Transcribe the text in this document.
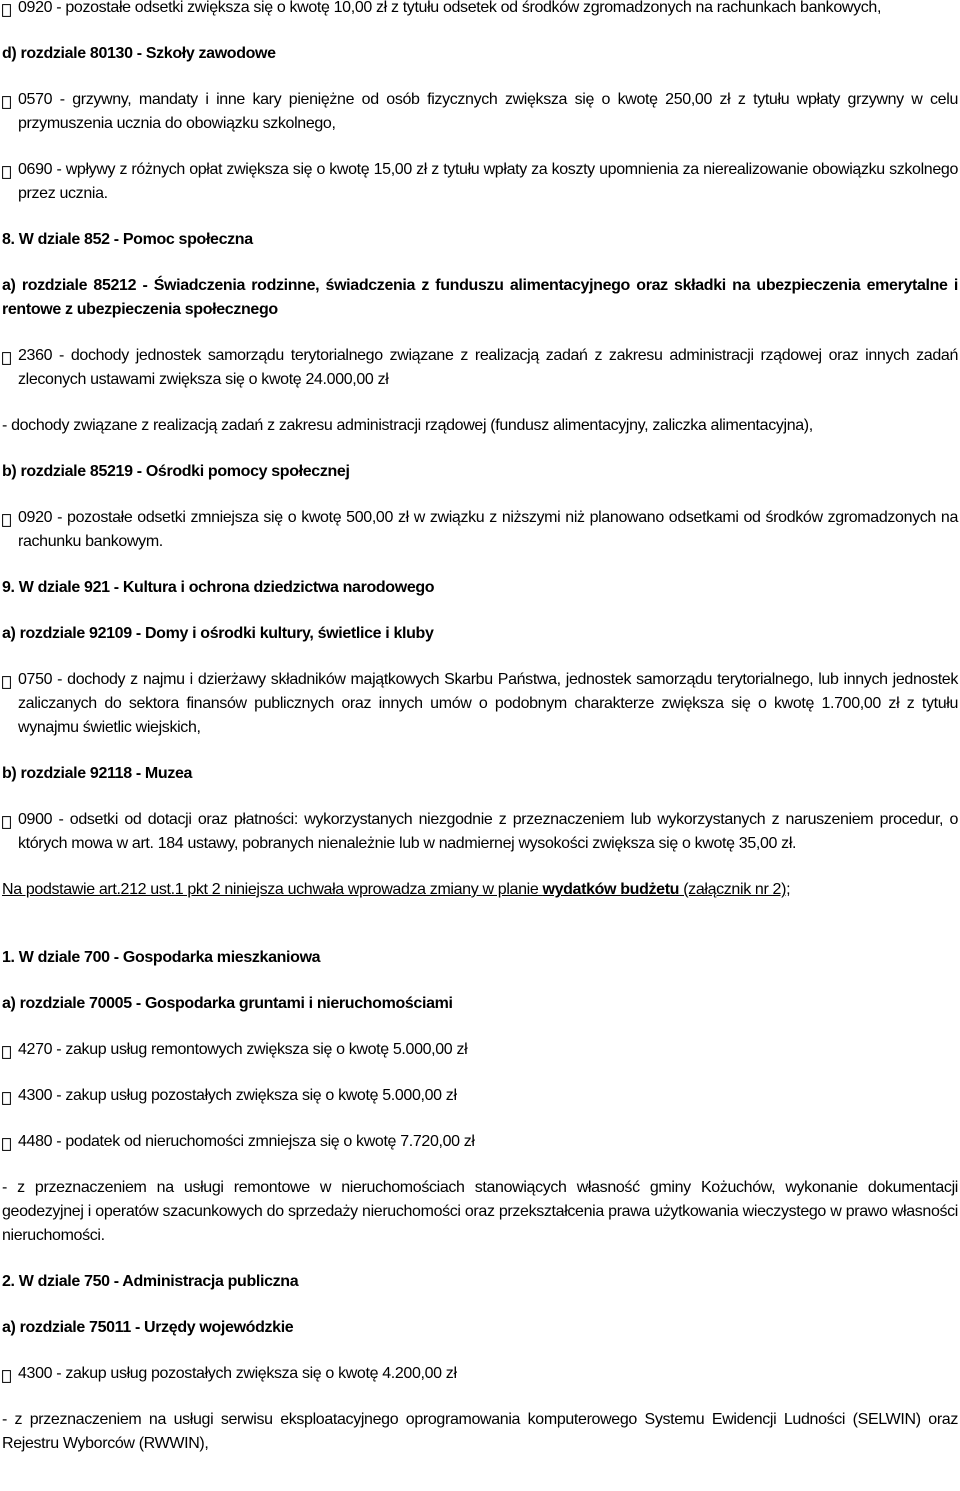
0920 - pozostałe odsetki zwiększa się o kwotę 10,00 zł z tytułu odsetek od środków zgromadzonych na rachunkach bankowych,
d) rozdziale 80130 - Szkoły zawodowe
0570 - grzywny, mandaty i inne kary pieniężne od osób fizycznych zwiększa się o kwotę 250,00 zł z tytułu wpłaty grzywny w celu przymuszenia ucznia do obowiązku szkolnego,
0690 - wpływy z różnych opłat zwiększa się o kwotę 15,00 zł z tytułu wpłaty za koszty upomnienia za nierealizowanie obowiązku szkolnego przez ucznia.
8. W dziale 852 - Pomoc społeczna
a) rozdziale 85212 - Świadczenia rodzinne, świadczenia z funduszu alimentacyjnego oraz składki na ubezpieczenia emerytalne i rentowe z ubezpieczenia społecznego
2360 - dochody jednostek samorządu terytorialnego związane z realizacją zadań z zakresu administracji rządowej oraz innych zadań zleconych ustawami zwiększa się o kwotę 24.000,00 zł
- dochody związane z realizacją zadań z zakresu administracji rządowej (fundusz alimentacyjny, zaliczka alimentacyjna),
b) rozdziale 85219 - Ośrodki pomocy społecznej
0920 - pozostałe odsetki zmniejsza się o kwotę 500,00 zł w związku z niższymi niż planowano odsetkami od środków zgromadzonych na rachunku bankowym.
9. W dziale 921 - Kultura i ochrona dziedzictwa narodowego
a) rozdziale 92109 - Domy i ośrodki kultury, świetlice i kluby
0750 - dochody z najmu i dzierżawy składników majątkowych Skarbu Państwa, jednostek samorządu terytorialnego, lub innych jednostek zaliczanych do sektora finansów publicznych oraz innych umów o podobnym charakterze zwiększa się o kwotę 1.700,00 zł z tytułu wynajmu świetlic wiejskich,
b) rozdziale 92118 - Muzea
0900 - odsetki od dotacji oraz płatności: wykorzystanych niezgodnie z przeznaczeniem lub wykorzystanych z naruszeniem procedur, o których mowa w art. 184 ustawy, pobranych nienależnie lub w nadmiernej wysokości zwiększa się o kwotę 35,00 zł.
Na podstawie art.212 ust.1 pkt 2 niniejsza uchwała wprowadza zmiany w planie wydatków budżetu (załącznik nr 2);
1. W dziale 700 - Gospodarka mieszkaniowa
a) rozdziale 70005 - Gospodarka gruntami i nieruchomościami
4270 - zakup usług remontowych zwiększa się o kwotę 5.000,00 zł
4300 - zakup usług pozostałych zwiększa się o kwotę 5.000,00 zł
4480 - podatek od nieruchomości zmniejsza się o kwotę 7.720,00 zł
- z przeznaczeniem na usługi remontowe w nieruchomościach stanowiących własność gminy Kożuchów, wykonanie dokumentacji geodezyjnej i operatów szacunkowych do sprzedaży nieruchomości oraz przekształcenia prawa użytkowania wieczystego w prawo własności nieruchomości.
2. W dziale 750 - Administracja publiczna
a) rozdziale 75011 - Urzędy wojewódzkie
4300 - zakup usług pozostałych zwiększa się o kwotę 4.200,00 zł
- z przeznaczeniem na usługi serwisu eksploatacyjnego oprogramowania komputerowego Systemu Ewidencji Ludności (SELWIN) oraz Rejestru Wyborców (RWWIN),
